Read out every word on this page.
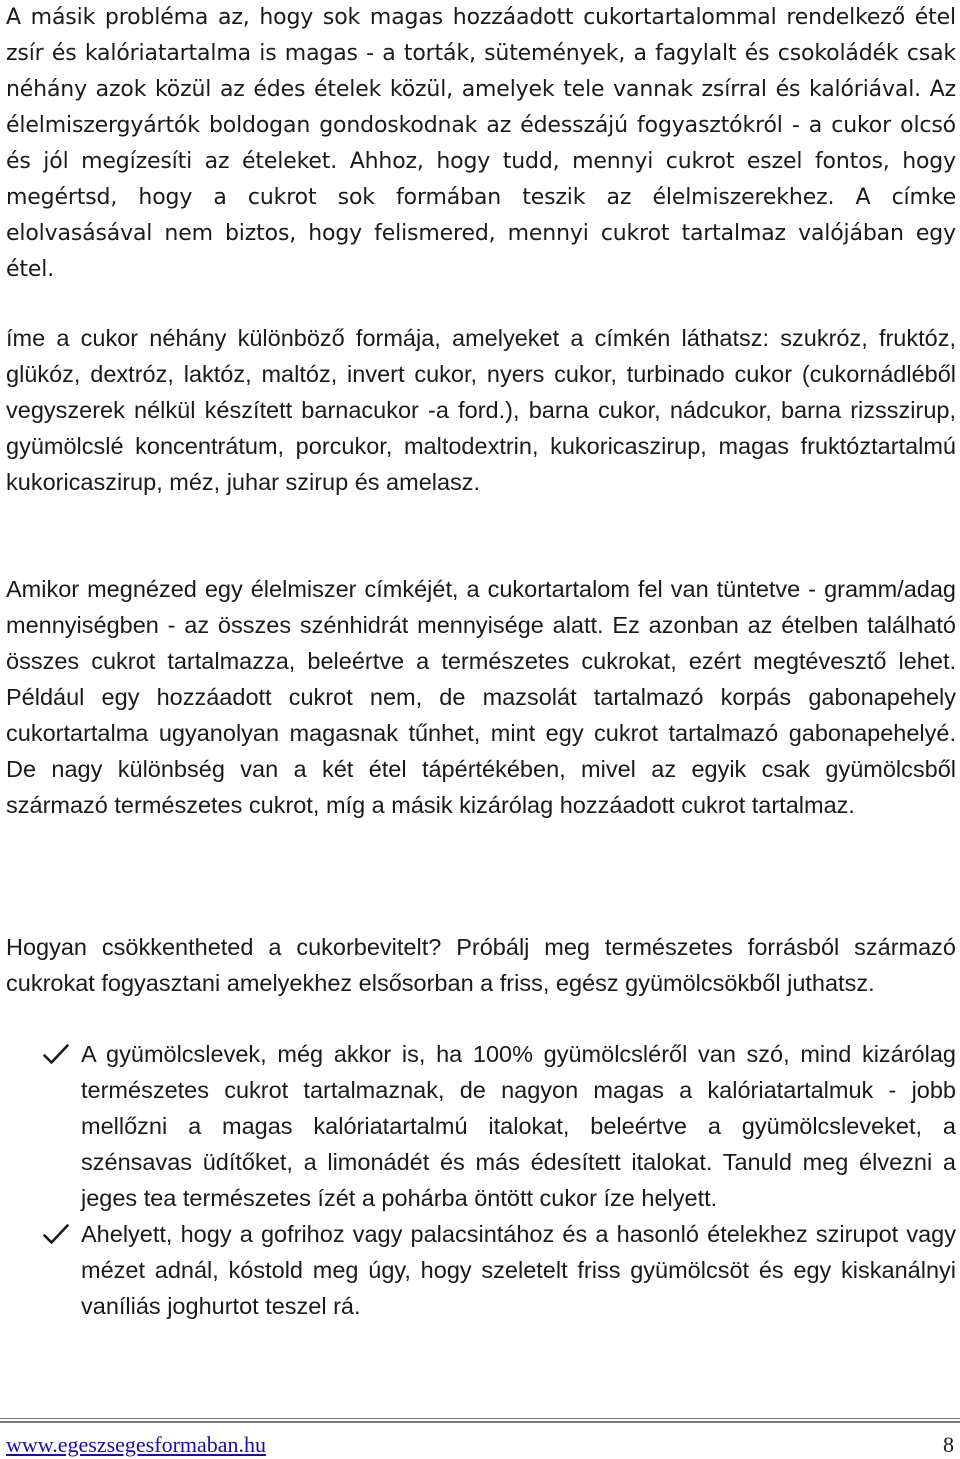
A másik probléma az, hogy sok magas hozzáadott cukortartalommal rendelkező étel zsír és kalóriatartalma is magas - a torták, sütemények, a fagylalt és csokoládék csak néhány azok közül az édes ételek közül, amelyek tele vannak zsírral és kalóriával. Az élelmiszergyártók boldogan gondoskodnak az édesszájú fogyasztókról - a cukor olcsó és jól megízesíti az ételeket. Ahhoz, hogy tudd, mennyi cukrot eszel fontos, hogy megértsd, hogy a cukrot sok formában teszik az élelmiszerekhez. A címke elolvasásával nem biztos, hogy felismered, mennyi cukrot tartalmaz valójában egy étel.

íme a cukor néhány különböző formája, amelyeket a címkén láthatsz: szukróz, fruktóz, glükóz, dextróz, laktóz, maltóz, invert cukor, nyers cukor, turbinado cukor (cukornádléből vegyszerek nélkül készített barnacukor -a ford.), barna cukor, nádcukor, barna rizsszirup, gyümölcslé koncentrátum, porcukor, maltodextrin, kukoricaszirup, magas fruktóztartalmú kukoricaszirup, méz, juhar szirup és amelasz.

Amikor megnézed egy élelmiszer címkéjét, a cukortartalom fel van tüntetve - gramm/adag mennyiségben - az összes szénhidrát mennyisége alatt. Ez azonban az ételben található összes cukrot tartalmazza, beleértve a természetes cukrokat, ezért megtévesztő lehet. Például egy hozzáadott cukrot nem, de mazsolát tartalmazó korpás gabonapehely cukortartalma ugyanolyan magasnak tűnhet, mint egy cukrot tartalmazó gabonapehelyé. De nagy különbség van a két étel tápértékében, mivel az egyik csak gyümölcsből származó természetes cukrot, míg a másik kizárólag hozzáadott cukrot tartalmaz.

Hogyan csökkentheted a cukorbevitelt? Próbálj meg természetes forrásból származó cukrokat fogyasztani amelyekhez elsősorban a friss, egész gyümölcsökből juthatsz.

A gyümölcslevek, még akkor is, ha 100% gyümölcsléről van szó, mind kizárólag természetes cukrot tartalmaznak, de nagyon magas a kalóriatartalmuk - jobb mellőzni a magas kalóriatartalmú italokat, beleértve a gyümölcsleveket, a szénsavas üdítőket, a limonádét és más édesített italokat. Tanuld meg élvezni a jeges tea természetes ízét a pohárba öntött cukor íze helyett.
Ahelyett, hogy a gofrihoz vagy palacsintához és a hasonló ételekhez szirupot vagy mézet adnál, kóstold meg úgy, hogy szeletelt friss gyümölcsöt és egy kiskanálnyi vaníliás joghurtot teszel rá.
www.egeszsegesformaban.hu	8
